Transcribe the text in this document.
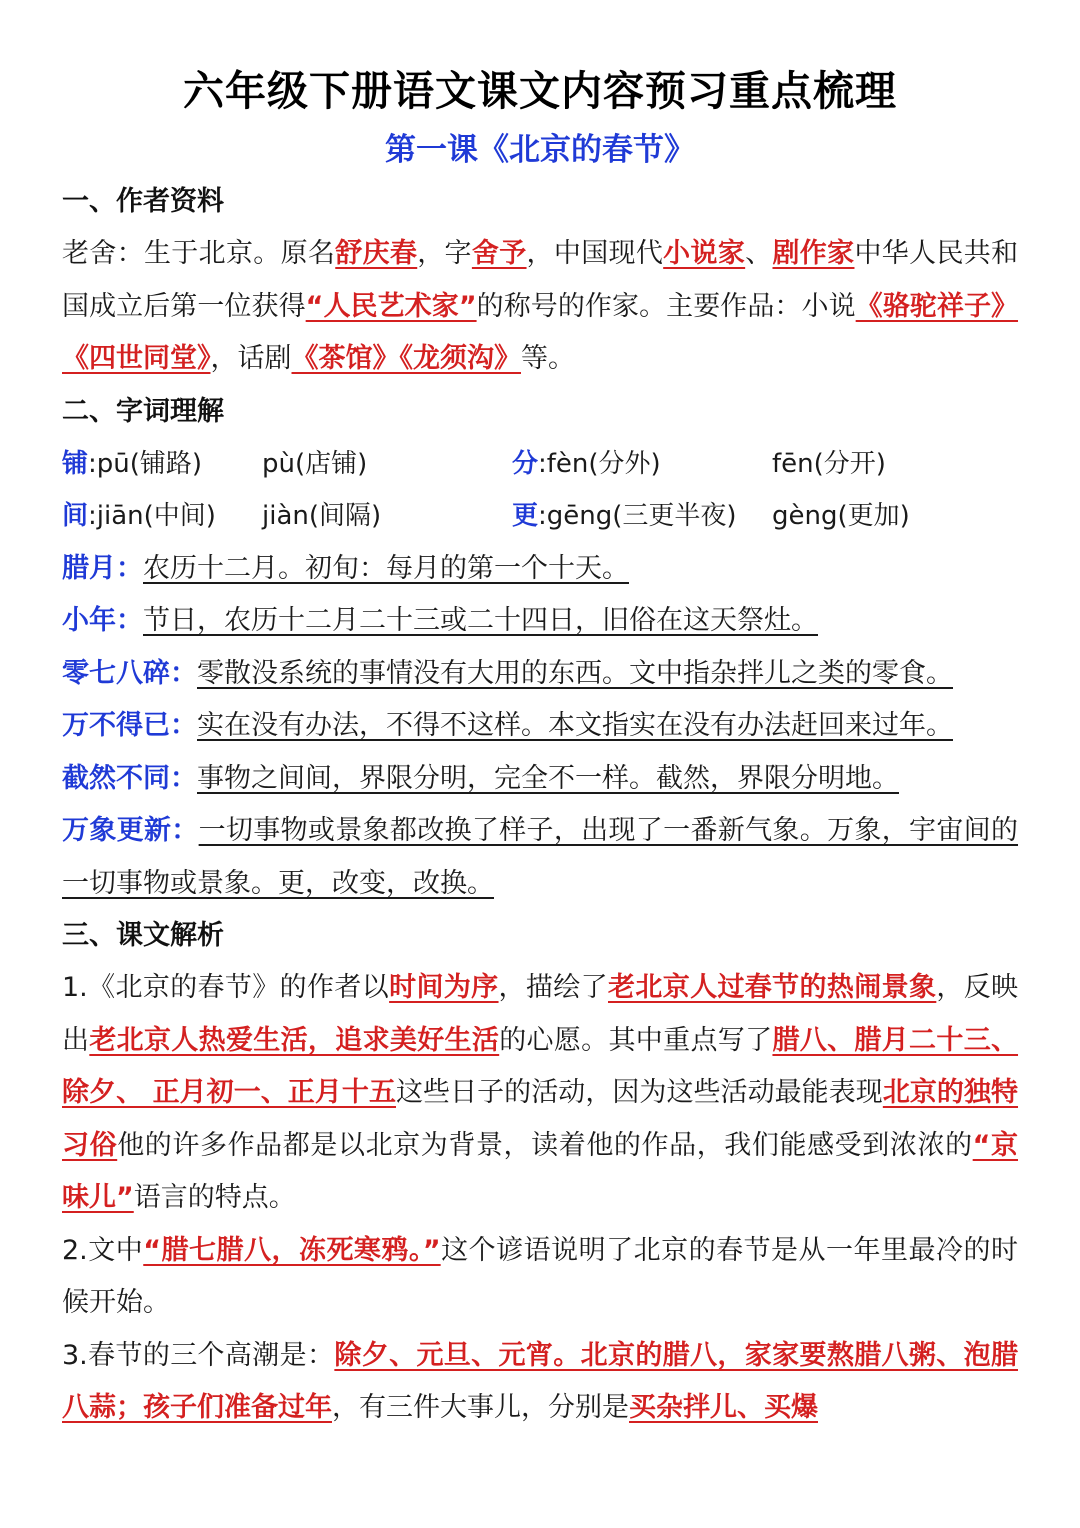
六年级下册语文课文内容预习重点梳理
第一课《北京的春节》

一、作者资料

老舍：生于北京。原名舒庆春，字舍予，中国现代小说家、剧作家中华人民共和国成立后第一位获得“人民艺术家”的称号的作家。主要作品：小说《骆驼祥子》《四世同堂》，话剧《茶馆》《龙须沟》等。

二、字词理解

铺:pū(铺路)	pù(店铺)	分:fèn(分外)	fēn(分开)
间:jiān(中间)	jiàn(间隔)	更:gēng(三更半夜)	gèng(更加)

腊月：农历十二月。初旬：每月的第一个十天。

小年：节日，农历十二月二十三或二十四日，旧俗在这天祭灶。

零七八碎：零散没系统的事情没有大用的东西。文中指杂拌儿之类的零食。

万不得已：实在没有办法，不得不这样。本文指实在没有办法赶回来过年。

截然不同：事物之间间，界限分明，完全不一样。截然，界限分明地。

万象更新：一切事物或景象都改换了样子，出现了一番新气象。万象，宇宙间的一切事物或景象。更，改变，改换。

三、课文解析

1.《北京的春节》的作者以时间为序，描绘了老北京人过春节的热闹景象，反映出老北京人热爱生活，追求美好生活的心愿。其中重点写了腊八、腊月二十三、 除夕、 正月初一、正月十五这些日子的活动，因为这些活动最能表现北京的独特习俗他的许多作品都是以北京为背景，读着他的作品，我们能感受到浓浓的“京味儿”语言的特点。

2.文中“腊七腊八，冻死寒鸦。”这个谚语说明了北京的春节是从一年里最冷的时候开始。

3.春节的三个高潮是：除夕、元旦、元宵。北京的腊八，家家要熬腊八粥、泡腊八蒜；孩子们准备过年，有三件大事儿，分别是买杂拌儿、买爆
